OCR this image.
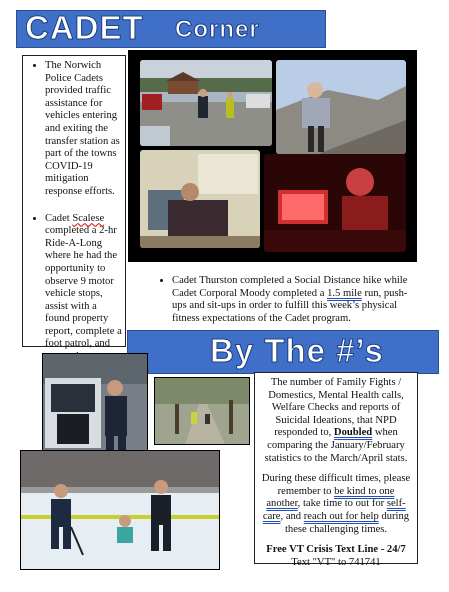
CADET Corner
• The Norwich Police Cadets provided traffic assistance for vehicles entering and exiting the transfer station as part of the towns COVID-19 mitigation response efforts.
• Cadet Scalese completed a 2-hr Ride-A-Long where he had the opportunity to observe 9 motor vehicle stops, assist with a found property report, complete a foot patrol, and
• Cadet Thurston completed a Social Distance hike while Cadet Corporal Moody completed a 1.5 mile run, push-ups and sit-ups in order to fulfill this week’s physical fitness expectations of the Cadet program.
By The #’s

The number of Family Fights / Domestics, Mental Health calls, Welfare Checks and reports of Suicidal Ideations, that NPD responded to, Doubled when comparing the January/February statistics to the March/April stats.

During these difficult times, please remember to be kind to one another, take time to out for self-care, and reach out for help during these challenging times.

Free VT Crisis Text Line - 24/7

Text "VT" to 741741
